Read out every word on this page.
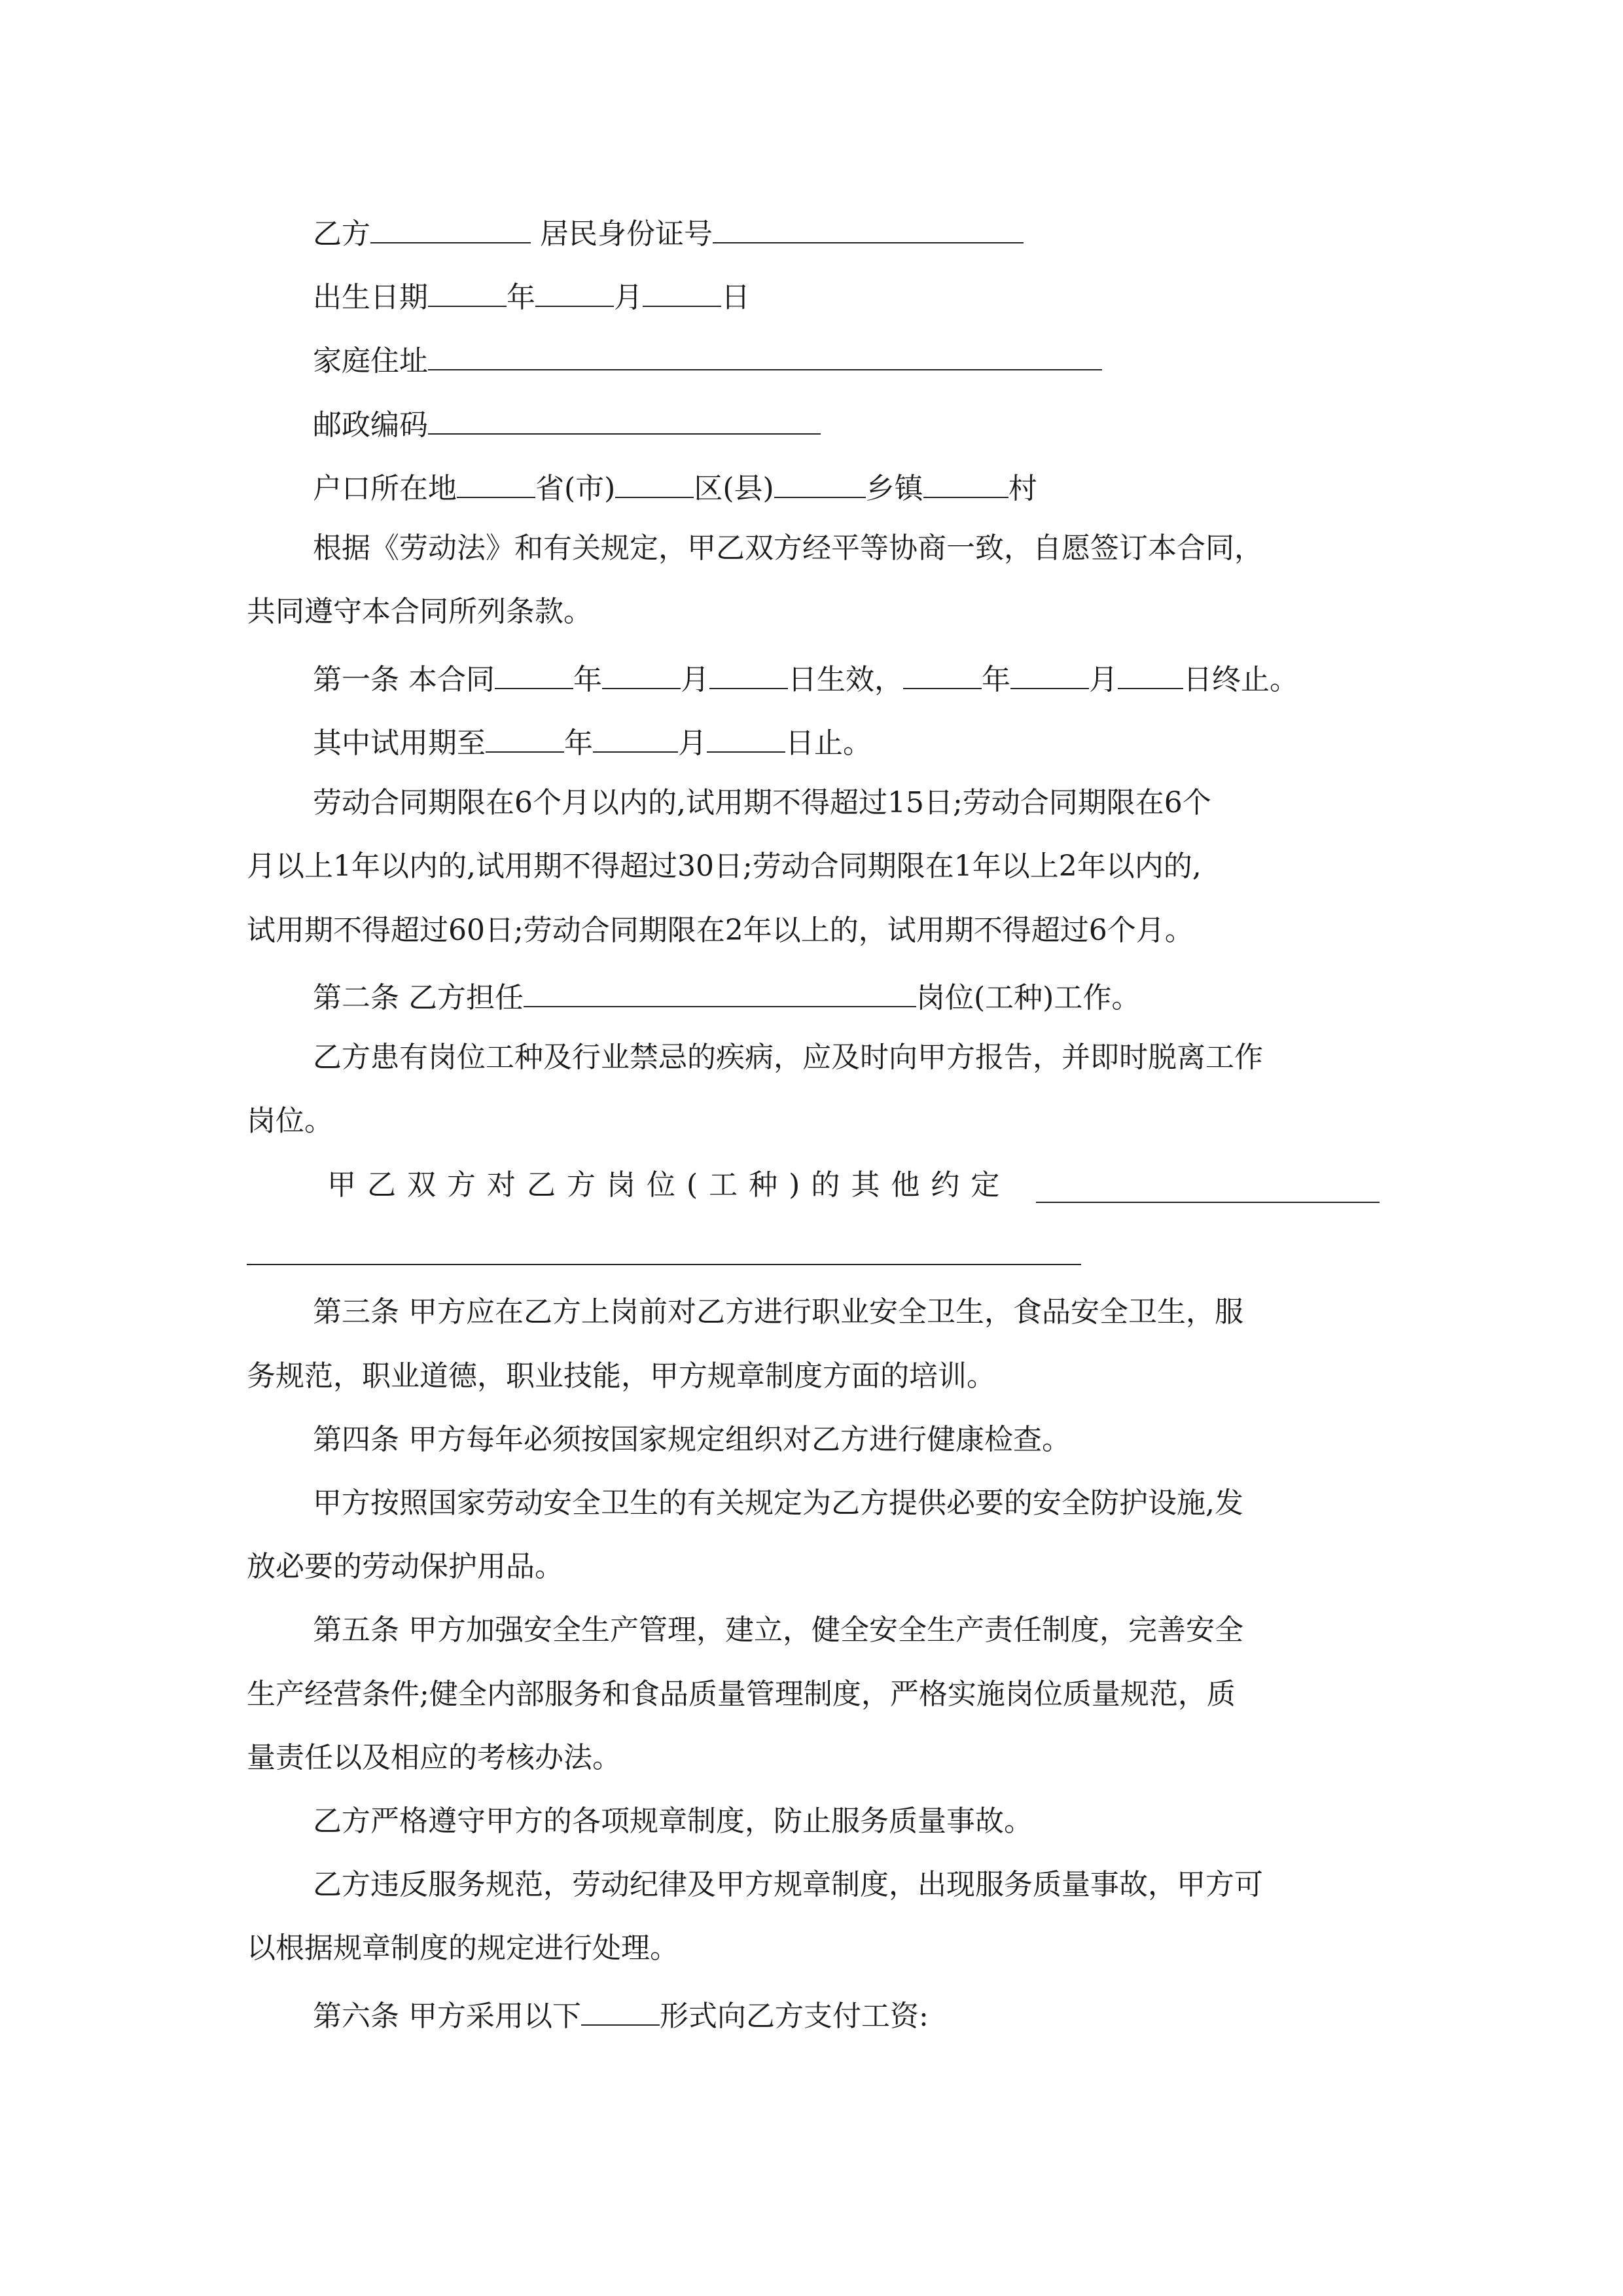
乙方	居民身份证号
出生日期	年	月	日
家庭住址
邮政编码
户口所在地	省(市)	区(县)	乡镇	村
根据《劳动法》和有关规定，甲乙双方经平等协商一致，自愿签订本合同，
共同遵守本合同所列条款。
第一条 本合同	年	月	日生效，	年	月 日终止。
其中试用期至	年	月	日止。
劳动合同期限在6个月以内的,试用期不得超过15日;劳动合同期限在6个
月以上1年以内的,试用期不得超过30日;劳动合同期限在1年以上2年以内的,
试用期不得超过60日;劳动合同期限在2年以上的，试用期不得超过6个月。
第二条 乙方担任	岗位(工种)工作。
乙方患有岗位工种及行业禁忌的疾病，应及时向甲方报告，并即时脱离工作
岗位。
甲乙双方对乙方岗位(工种)的其他约定
第三条 甲方应在乙方上岗前对乙方进行职业安全卫生，食品安全卫生，服
务规范，职业道德，职业技能，甲方规章制度方面的培训。
第四条 甲方每年必须按国家规定组织对乙方进行健康检查。
甲方按照国家劳动安全卫生的有关规定为乙方提供必要的安全防护设施,发
放必要的劳动保护用品。
第五条 甲方加强安全生产管理，建立，健全安全生产责任制度，完善安全
生产经营条件;健全内部服务和食品质量管理制度，严格实施岗位质量规范，质
量责任以及相应的考核办法。
乙方严格遵守甲方的各项规章制度，防止服务质量事故。
乙方违反服务规范，劳动纪律及甲方规章制度，出现服务质量事故，甲方可
以根据规章制度的规定进行处理。
第六条 甲方采用以下	形式向乙方支付工资:
